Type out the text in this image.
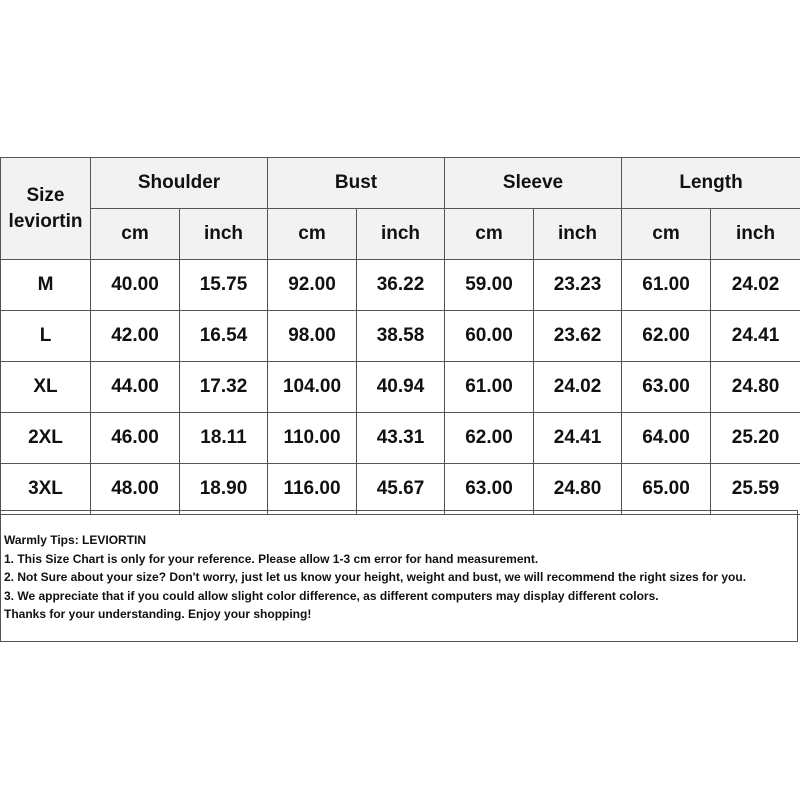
Size
leviortin	Shoulder		Bust		Sleeve		Length	
	cm	inch	cm	inch	cm	inch	cm	inch
M	40.00	15.75	92.00	36.22	59.00	23.23	61.00	24.02
L	42.00	16.54	98.00	38.58	60.00	23.62	62.00	24.41
XL	44.00	17.32	104.00	40.94	61.00	24.02	63.00	24.80
2XL	46.00	18.11	110.00	43.31	62.00	24.41	64.00	25.20
3XL	48.00	18.90	116.00	45.67	63.00	24.80	65.00	25.59
Warmly Tips: LEVIORTIN
1. This Size Chart is only for your reference. Please allow 1-3 cm error for hand measurement.
2. Not Sure about your size? Don't worry, just let us know your height, weight and bust, we will recommend the right sizes for you.
3. We appreciate that if you could allow slight color difference, as different computers may display different colors.
Thanks for your understanding. Enjoy your shopping!
